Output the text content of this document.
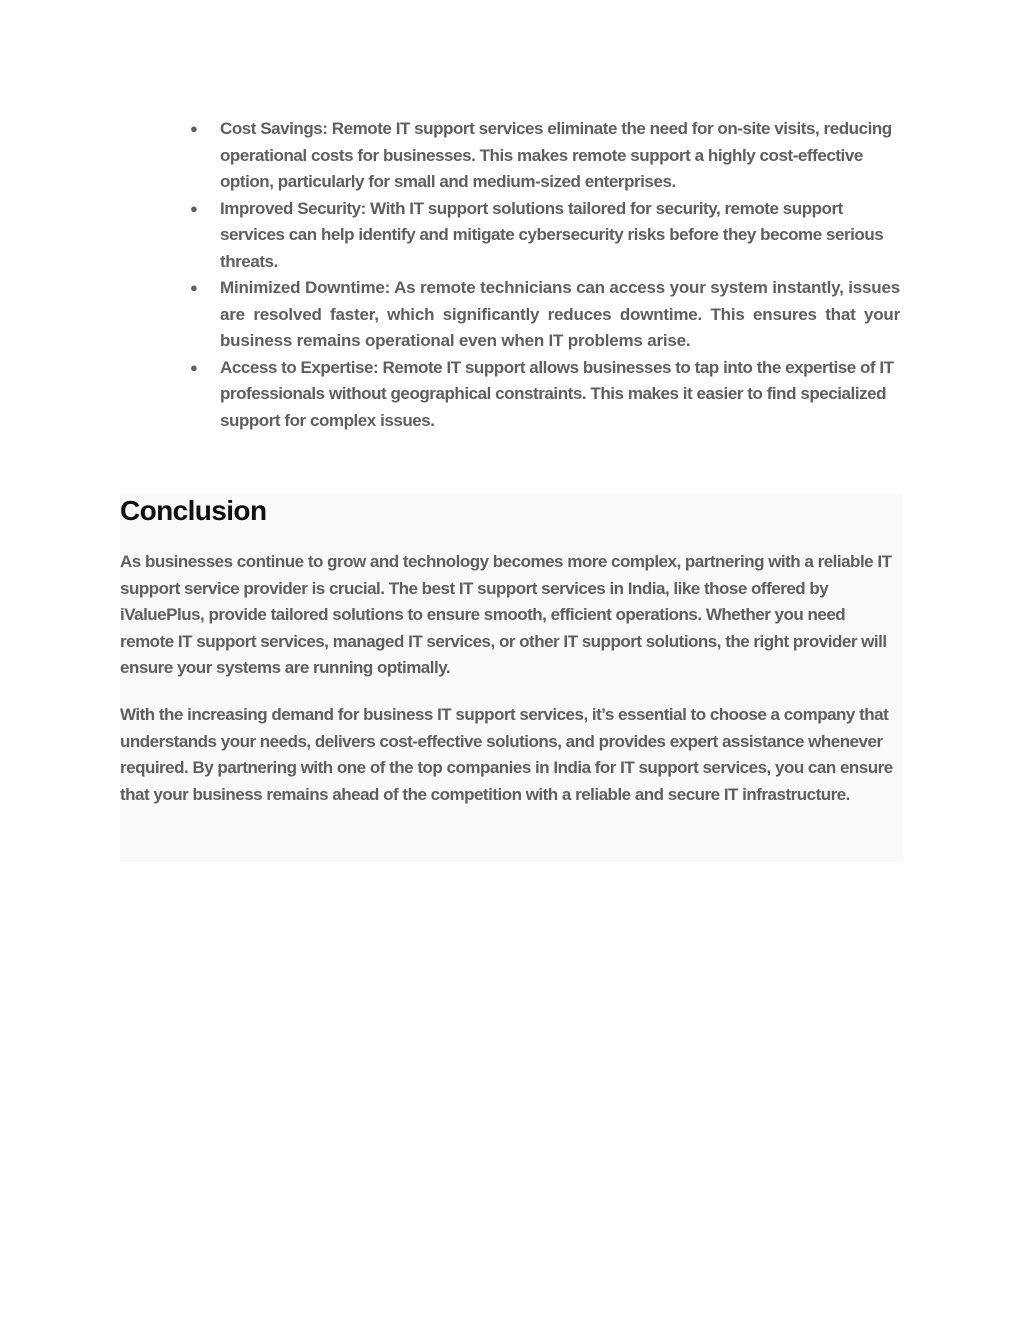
● Cost Savings: Remote IT support services eliminate the need for on-site visits, reducing operational costs for businesses. This makes remote support a highly cost-effective option, particularly for small and medium-sized enterprises.
● Improved Security: With IT support solutions tailored for security, remote support services can help identify and mitigate cybersecurity risks before they become serious threats.
● Minimized Downtime: As remote technicians can access your system instantly, issues are resolved faster, which significantly reduces downtime. This ensures that your business remains operational even when IT problems arise.
● Access to Expertise: Remote IT support allows businesses to tap into the expertise of IT professionals without geographical constraints. This makes it easier to find specialized support for complex issues.
Conclusion

As businesses continue to grow and technology becomes more complex, partnering with a reliable IT support service provider is crucial. The best IT support services in India, like those offered by iValuePlus, provide tailored solutions to ensure smooth, efficient operations. Whether you need remote IT support services, managed IT services, or other IT support solutions, the right provider will ensure your systems are running optimally.

With the increasing demand for business IT support services, it’s essential to choose a company that understands your needs, delivers cost-effective solutions, and provides expert assistance whenever required. By partnering with one of the top companies in India for IT support services, you can ensure that your business remains ahead of the competition with a reliable and secure IT infrastructure.
